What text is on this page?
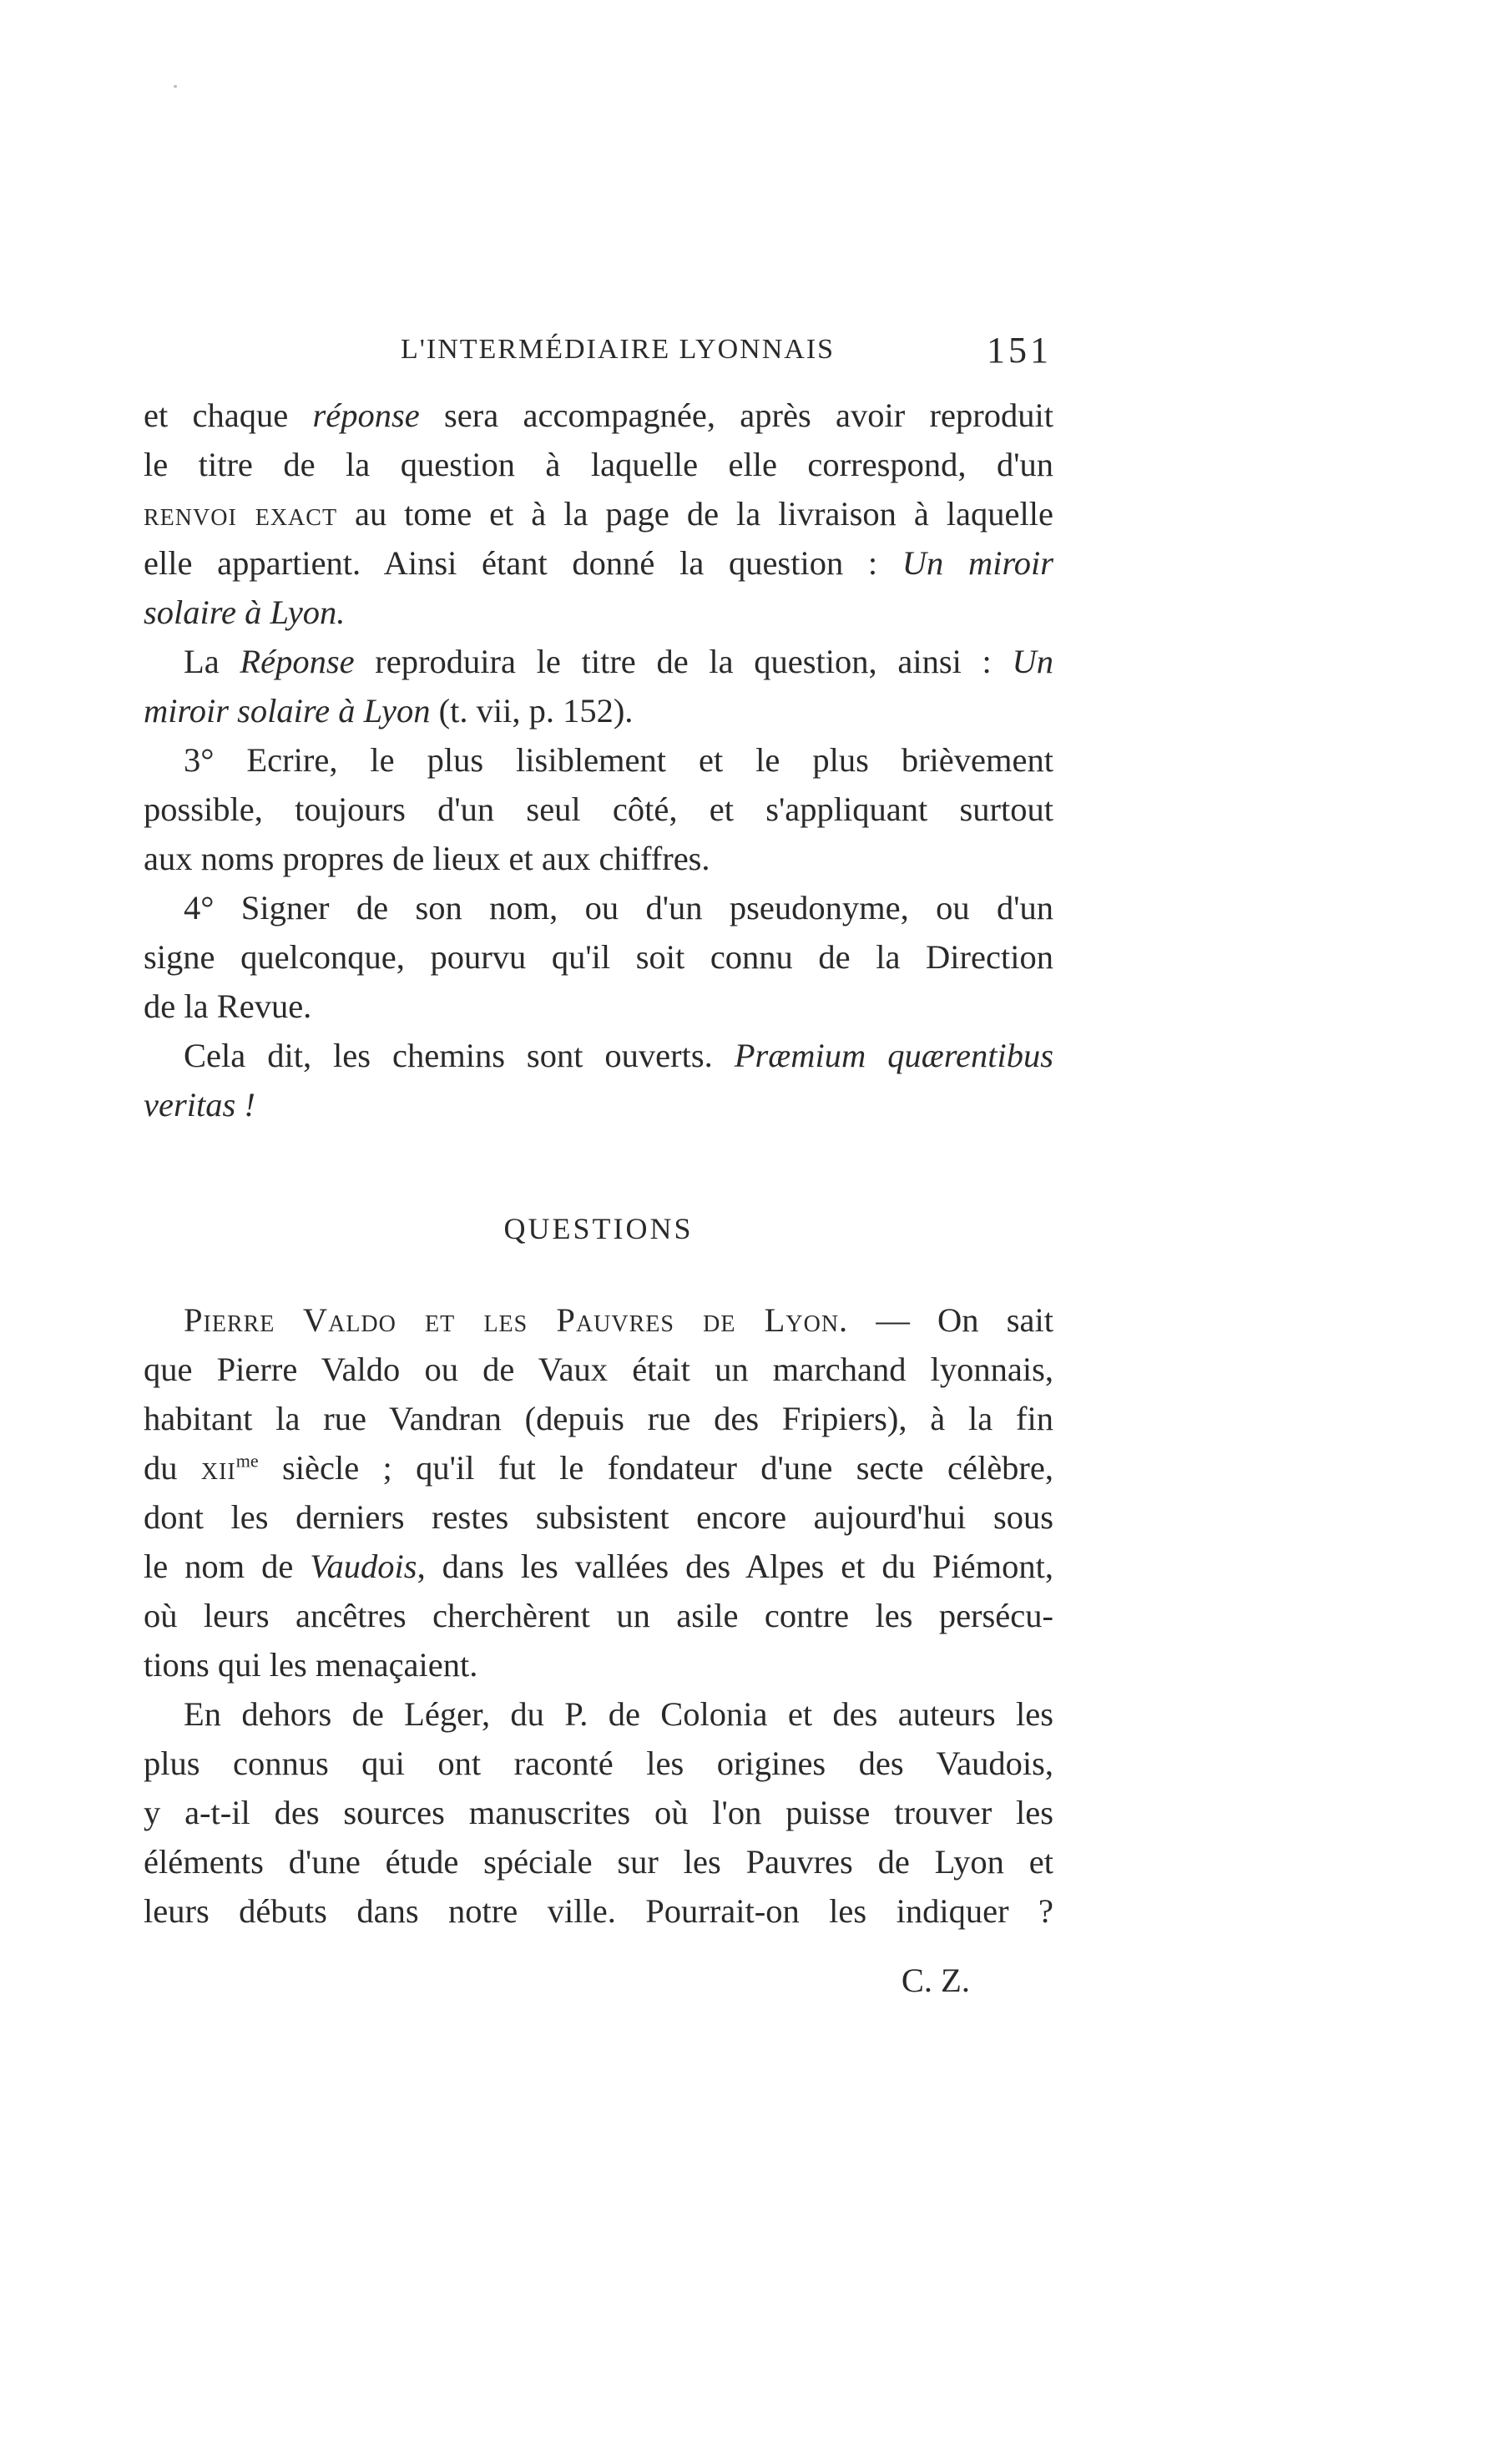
L'INTERMÉDIAIRE LYONNAIS	151
et chaque réponse sera accompagnée, après avoir reproduit
le titre de la question à laquelle elle correspond, d'un
renvoi exact au tome et à la page de la livraison à laquelle
elle appartient. Ainsi étant donné la question : Un miroir
solaire à Lyon.
La Réponse reproduira le titre de la question, ainsi : Un
miroir solaire à Lyon (t. vii, p. 152).
3° Ecrire, le plus lisiblement et le plus brièvement
possible, toujours d'un seul côté, et s'appliquant surtout
aux noms propres de lieux et aux chiffres.
4° Signer de son nom, ou d'un pseudonyme, ou d'un
signe quelconque, pourvu qu'il soit connu de la Direction
de la Revue.
Cela dit, les chemins sont ouverts. Præmium quærentibus
veritas !
QUESTIONS
Pierre Valdo et les Pauvres de Lyon. — On sait
que Pierre Valdo ou de Vaux était un marchand lyonnais,
habitant la rue Vandran (depuis rue des Fripiers), à la fin
du xii$^{me}$ siècle ; qu'il fut le fondateur d'une secte célèbre,
dont les derniers restes subsistent encore aujourd'hui sous
le nom de Vaudois, dans les vallées des Alpes et du Piémont,
où leurs ancêtres cherchèrent un asile contre les persécu-
tions qui les menaçaient.
En dehors de Léger, du P. de Colonia et des auteurs les
plus connus qui ont raconté les origines des Vaudois,
y a-t-il des sources manuscrites où l'on puisse trouver les
éléments d'une étude spéciale sur les Pauvres de Lyon et
leurs débuts dans notre ville. Pourrait-on les indiquer ?
C. Z.
